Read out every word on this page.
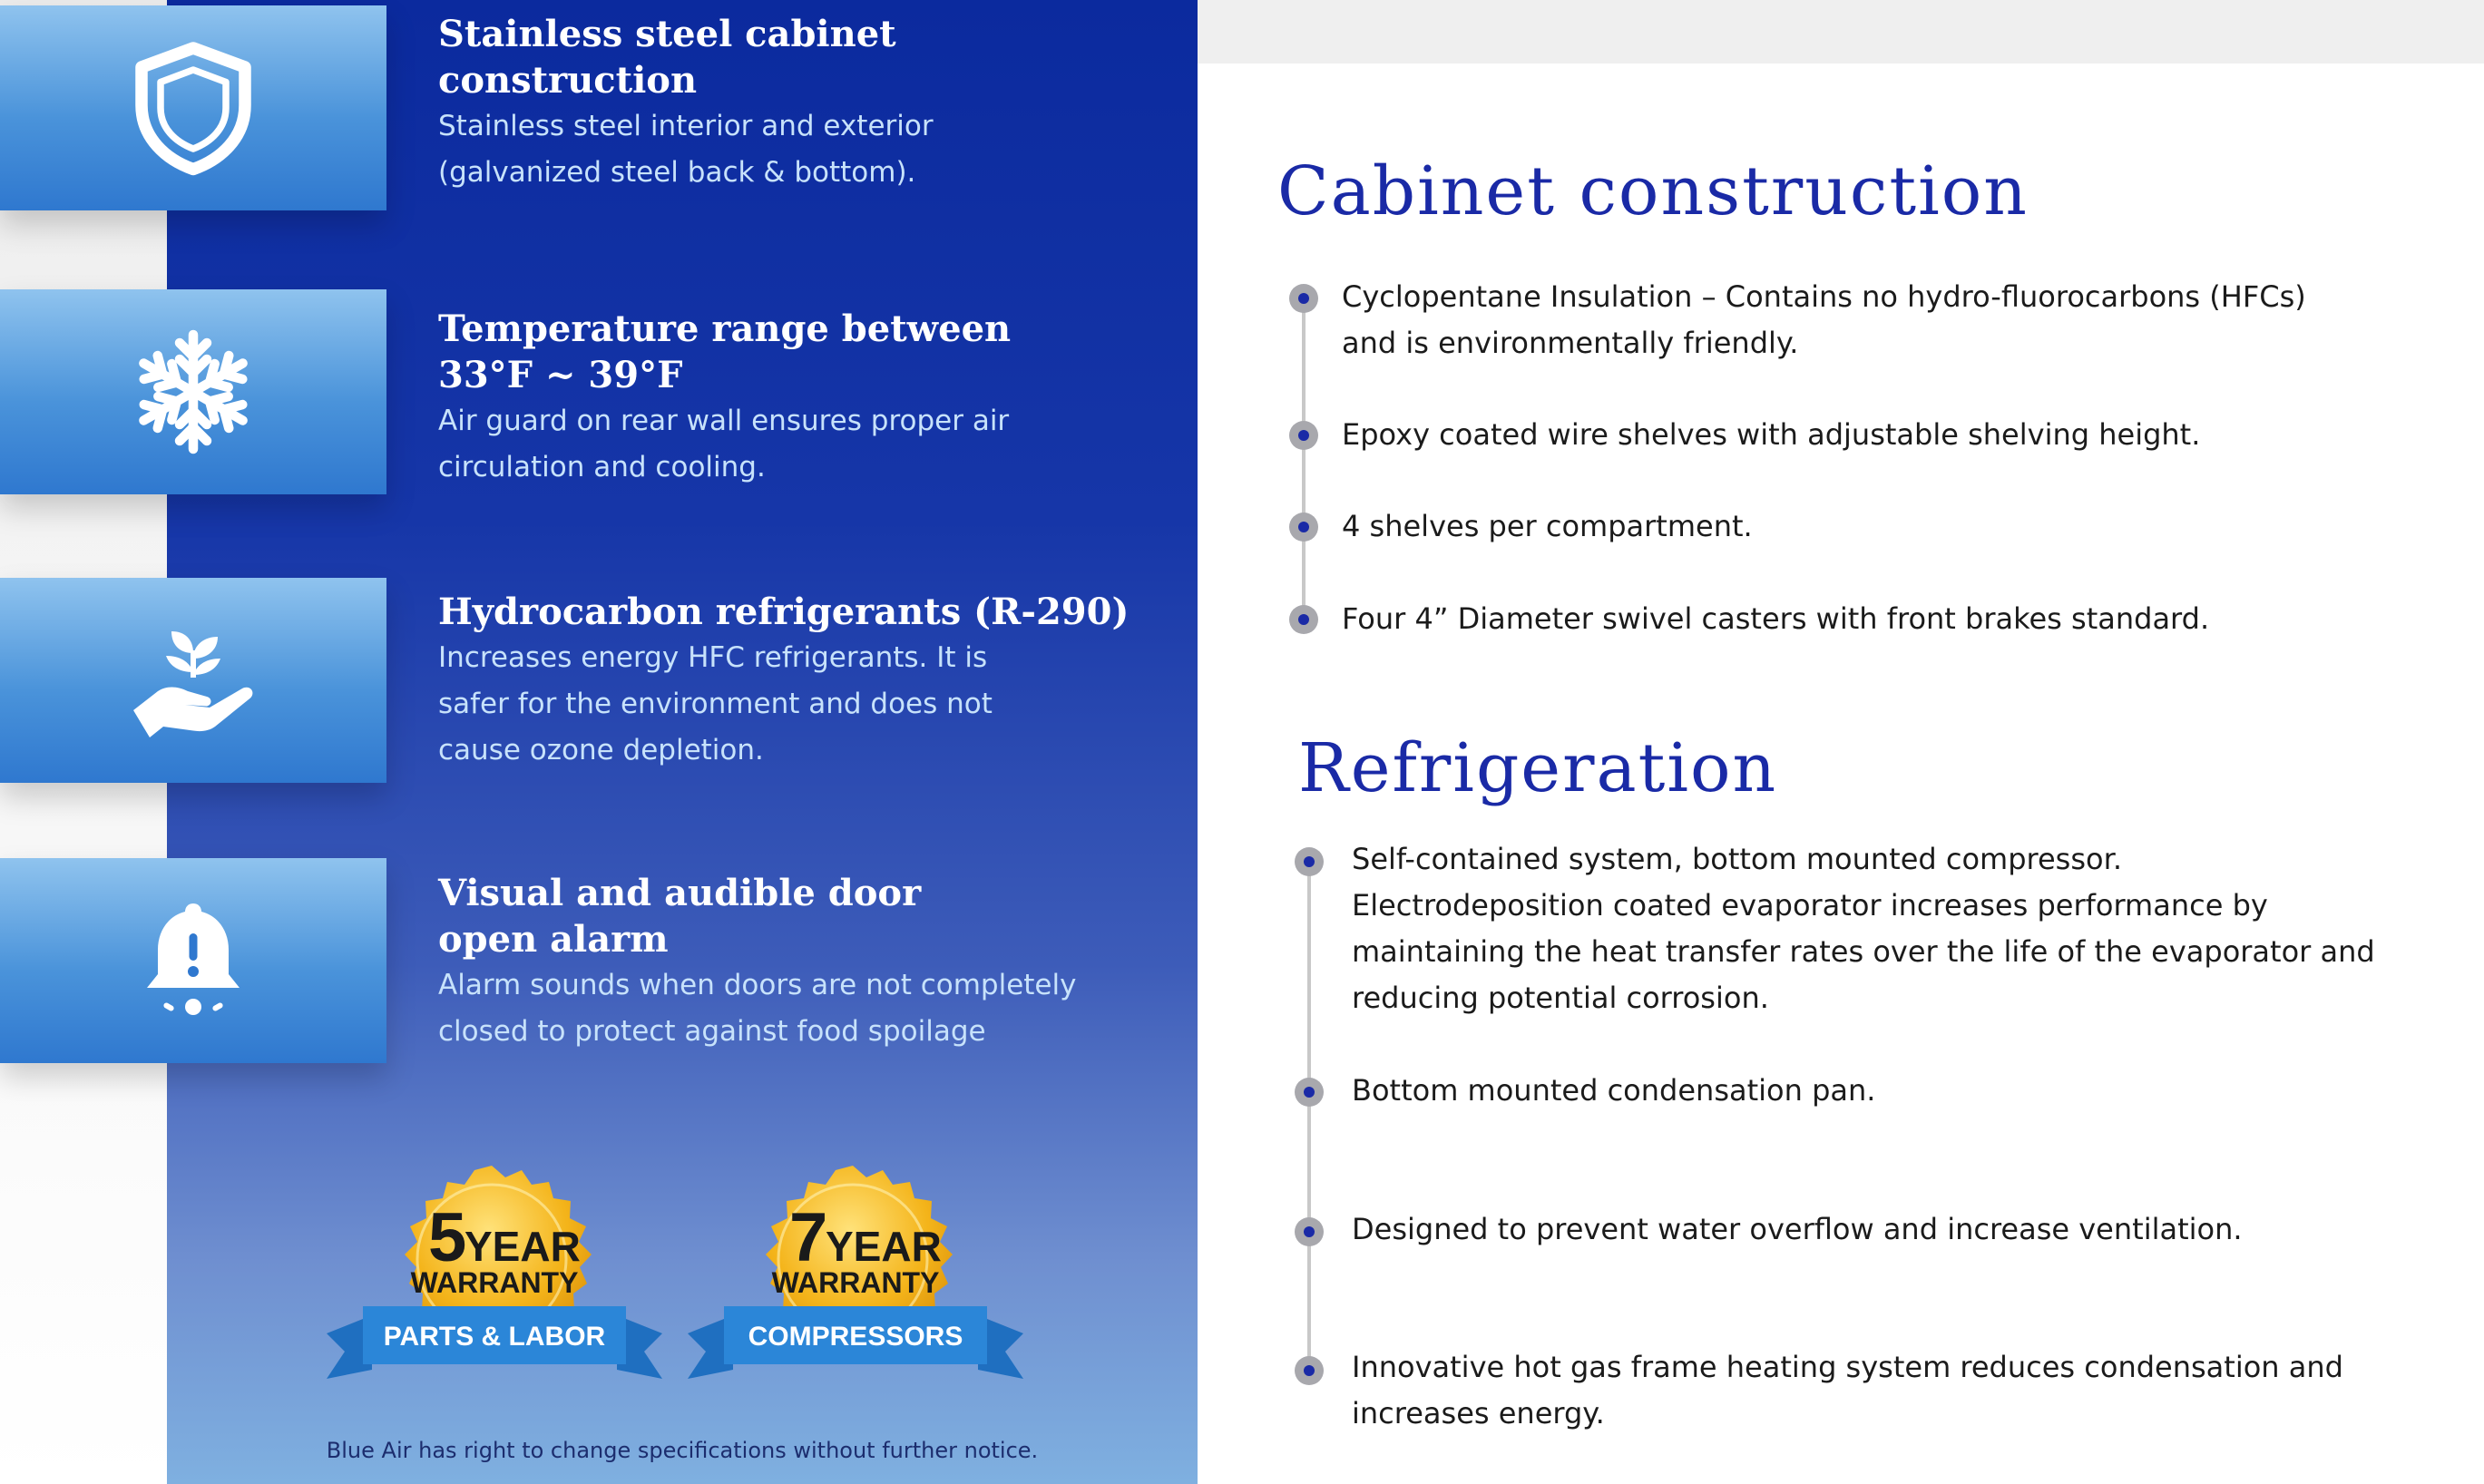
Stainless steel cabinet
construction
Stainless steel interior and exterior
(galvanized steel back & bottom).
Temperature range between
33°F ~ 39°F
Air guard on rear wall ensures proper air
circulation and cooling.
Hydrocarbon refrigerants (R-290)
Increases energy HFC refrigerants. It is
safer for the environment and does not
cause ozone depletion.
Visual and audible door
open alarm
Alarm sounds when doors are not completely
closed to protect against food spoilage
5
YEAR
WARRANTY
PARTS & LABOR
7
YEAR
WARRANTY
COMPRESSORS
Blue Air has right to change specifications without further notice.
Cabinet construction
Cyclopentane Insulation – Contains no hydro-fluorocarbons (HFCs)
and is environmentally friendly.
Epoxy coated wire shelves with adjustable shelving height.
4 shelves per compartment.
Four 4” Diameter swivel casters with front brakes standard.
Refrigeration
Self-contained system, bottom mounted compressor.
Electrodeposition coated evaporator increases performance by
maintaining the heat transfer rates over the life of the evaporator and
reducing potential corrosion.
Bottom mounted condensation pan.
Designed to prevent water overflow and increase ventilation.
Innovative hot gas frame heating system reduces condensation and
increases energy.
